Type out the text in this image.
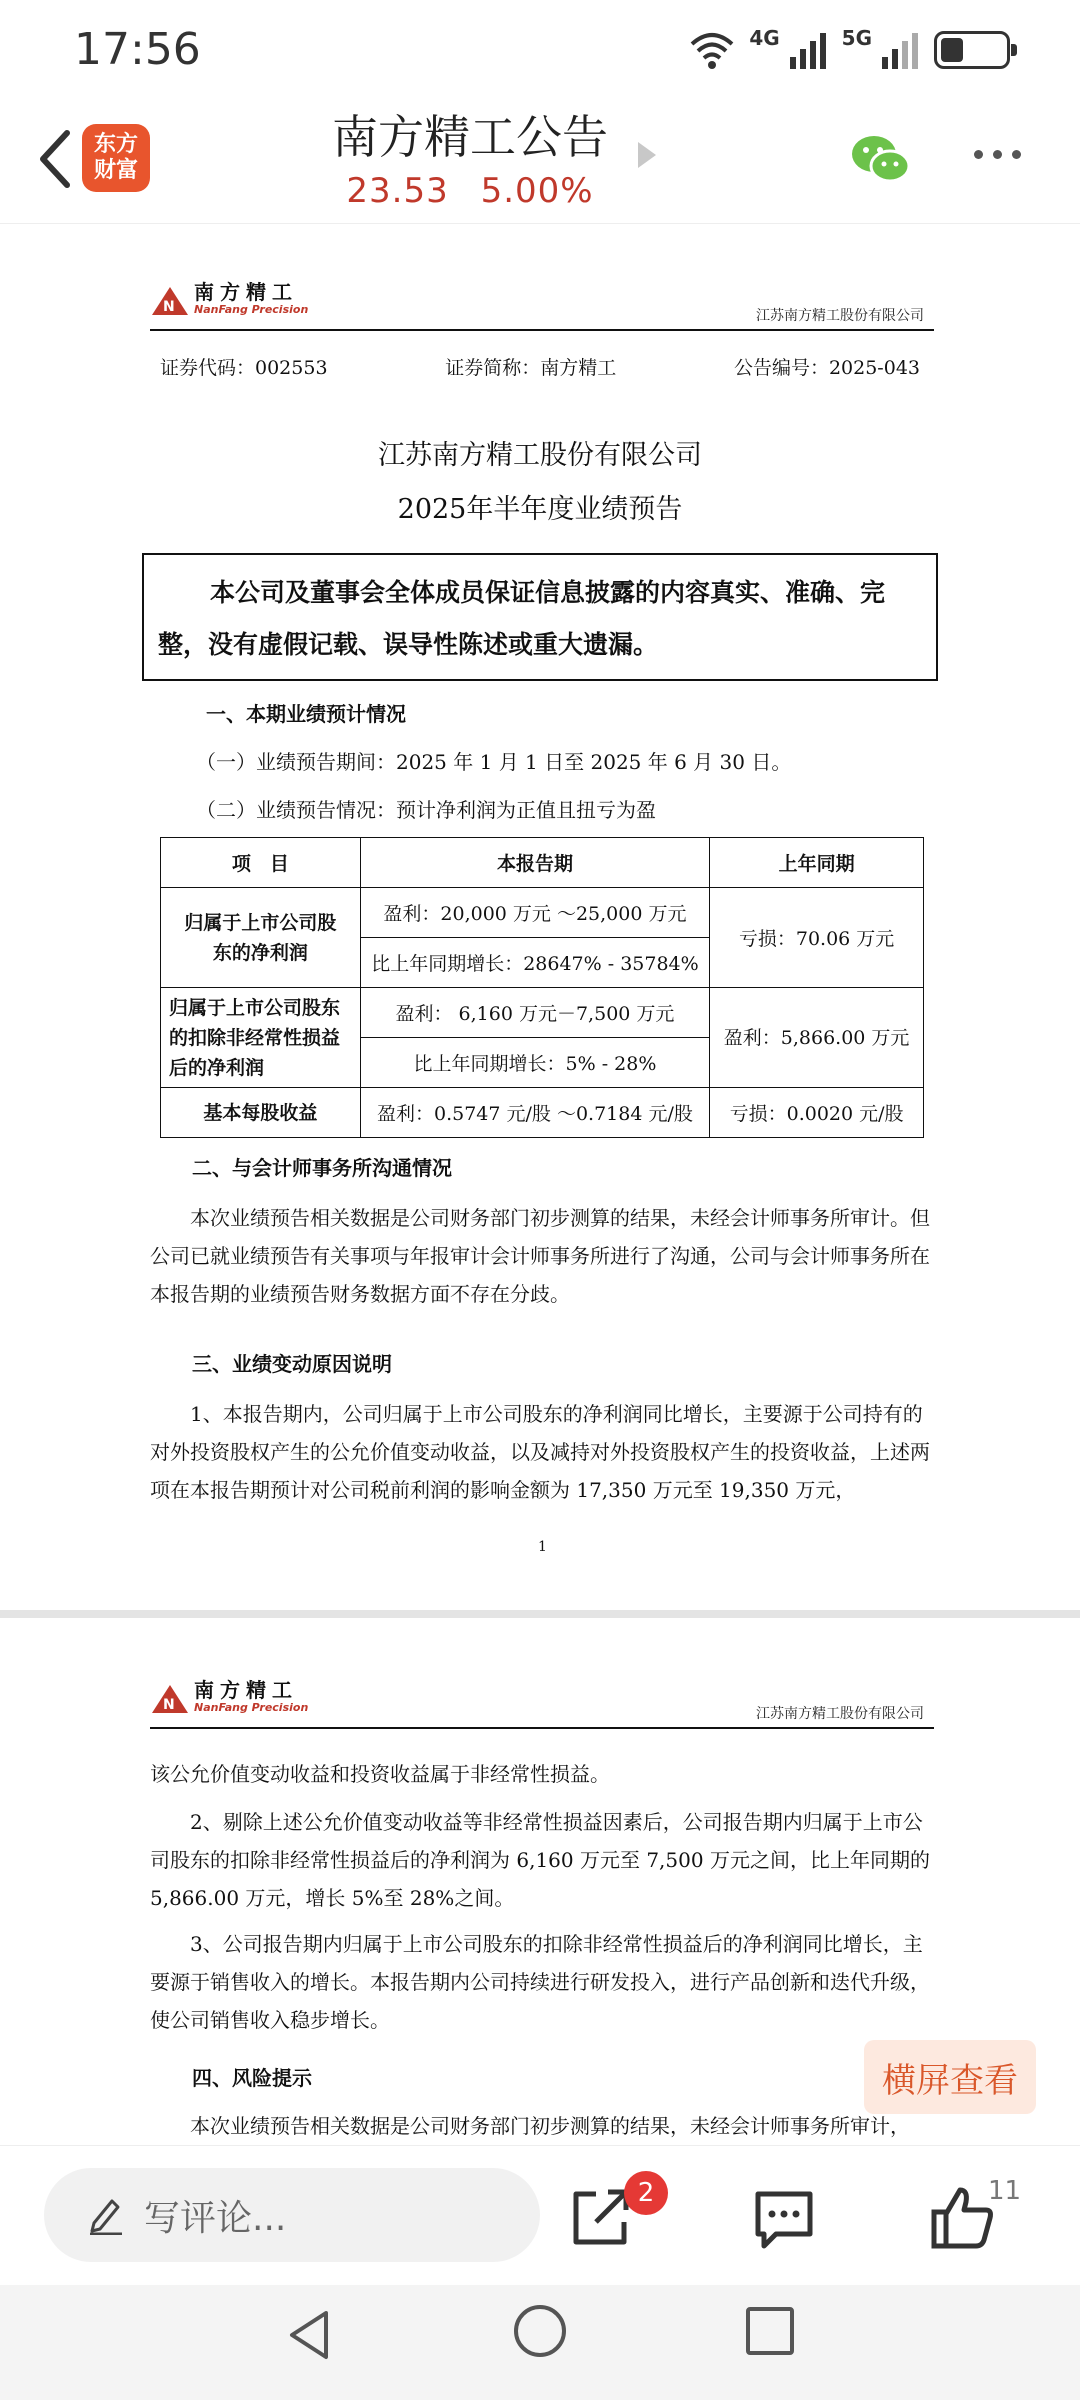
17:56	4G	5G
东方
财富
南方精工公告
23.53 5.00%
N
南方精工
NanFang Precision	江苏南方精工股份有限公司
证券代码：002553	证券简称：南方精工	公告编号：2025-043
江苏南方精工股份有限公司
2025年半年度业绩预告
本公司及董事会全体成员保证信息披露的内容真实、准确、完整，没有虚假记载、误导性陈述或重大遗漏。
一、本期业绩预计情况
（一）业绩预告期间：2025 年 1 月 1 日至 2025 年 6 月 30 日。
（二）业绩预告情况：预计净利润为正值且扭亏为盈
项　目	本报告期	上年同期
归属于上市公司股东的净利润	盈利：20,000 万元 ～25,000 万元	亏损：70.06 万元
	比上年同期增长：28647% - 35784%	
归属于上市公司股东的扣除非经常性损益后的净利润	盈利： 6,160 万元－7,500 万元	盈利：5,866.00 万元
	比上年同期增长：5% - 28%	
基本每股收益	盈利：0.5747 元/股 ～0.7184 元/股	亏损：0.0020 元/股
二、与会计师事务所沟通情况
本次业绩预告相关数据是公司财务部门初步测算的结果，未经会计师事务所审计。但公司已就业绩预告有关事项与年报审计会计师事务所进行了沟通，公司与会计师事务所在本报告期的业绩预告财务数据方面不存在分歧。
三、业绩变动原因说明
1、本报告期内，公司归属于上市公司股东的净利润同比增长，主要源于公司持有的对外投资股权产生的公允价值变动收益，以及减持对外投资股权产生的投资收益，上述两项在本报告期预计对公司税前利润的影响金额为 17,350 万元至 19,350 万元，
1
N
南方精工
NanFang Precision	江苏南方精工股份有限公司
该公允价值变动收益和投资收益属于非经常性损益。
2、剔除上述公允价值变动收益等非经常性损益因素后，公司报告期内归属于上市公司股东的扣除非经常性损益后的净利润为 6,160 万元至 7,500 万元之间，比上年同期的 5,866.00 万元，增长 5%至 28%之间。
3、公司报告期内归属于上市公司股东的扣除非经常性损益后的净利润同比增长，主要源于销售收入的增长。本报告期内公司持续进行研发投入，进行产品创新和迭代升级，使公司销售收入稳步增长。
四、风险提示
本次业绩预告相关数据是公司财务部门初步测算的结果，未经会计师事务所审计，
横屏查看
写评论...
2	11
